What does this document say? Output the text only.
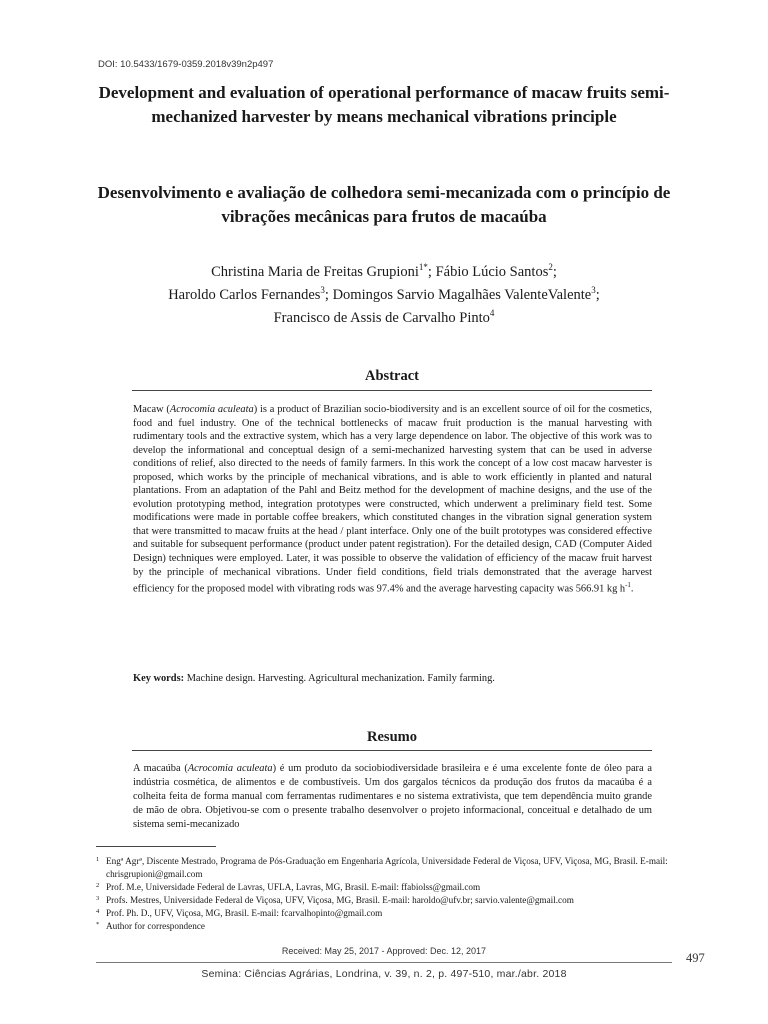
DOI: 10.5433/1679-0359.2018v39n2p497
Development and evaluation of operational performance of macaw fruits semi-mechanized harvester by means mechanical vibrations principle
Desenvolvimento e avaliação de colhedora semi-mecanizada com o princípio de vibrações mecânicas para frutos de macaúba
Christina Maria de Freitas Grupioni$^{1*}$; Fábio Lúcio Santos$^2$;
Haroldo Carlos Fernandes$^3$; Domingos Sarvio Magalhães ValenteValente$^3$;
Francisco de Assis de Carvalho Pinto$^4$
Abstract
Macaw (Acrocomia aculeata) is a product of Brazilian socio-biodiversity and is an excellent source of oil for the cosmetics, food and fuel industry. One of the technical bottlenecks of macaw fruit production is the manual harvesting with rudimentary tools and the extractive system, which has a very large dependence on labor. The objective of this work was to develop the informational and conceptual design of a semi-mechanized harvesting system that can be used in adverse conditions of relief, also directed to the needs of family farmers. In this work the concept of a low cost macaw harvester is proposed, which works by the principle of mechanical vibrations, and is able to work efficiently in planted and natural plantations. From an adaptation of the Pahl and Beitz method for the development of machine designs, and the use of the evolution prototyping method, integration prototypes were constructed, which underwent a preliminary field test. Some modifications were made in portable coffee breakers, which constituted changes in the vibration signal generation system that were transmitted to macaw fruits at the head / plant interface. Only one of the built prototypes was considered effective and suitable for subsequent performance (product under patent registration). For the detailed design, CAD (Computer Aided Design) techniques were employed. Later, it was possible to observe the validation of efficiency of the macaw fruit harvest by the principle of mechanical vibrations. Under field conditions, field trials demonstrated that the average harvest efficiency for the proposed model with vibrating rods was 97.4% and the average harvesting capacity was 566.91 kg $h^{-1}$.
Key words: Machine design. Harvesting. Agricultural mechanization. Family farming.
Resumo
A macaúba (Acrocomia aculeata) é um produto da sociobiodiversidade brasileira e é uma excelente fonte de óleo para a indústria cosmética, de alimentos e de combustíveis. Um dos gargalos técnicos da produção dos frutos da macaúba é a colheita feita de forma manual com ferramentas rudimentares e no sistema extrativista, que tem dependência muito grande de mão de obra. Objetivou-se com o presente trabalho desenvolver o projeto informacional, conceitual e detalhado de um sistema semi-mecanizado
1 Engª Agrª, Discente Mestrado, Programa de Pós-Graduação em Engenharia Agrícola, Universidade Federal de Viçosa, UFV, Viçosa, MG, Brasil. E-mail: chrisgrupioni@gmail.com
2 Prof. M.e, Universidade Federal de Lavras, UFLA, Lavras, MG, Brasil. E-mail: ffabiolss@gmail.com
3 Profs. Mestres, Universidade Federal de Viçosa, UFV, Viçosa, MG, Brasil. E-mail: haroldo@ufv.br; sarvio.valente@gmail.com
4 Prof. Ph. D., UFV, Viçosa, MG, Brasil. E-mail: fcarvalhopinto@gmail.com
* Author for correspondence
Received: May 25, 2017 - Approved: Dec. 12, 2017	497
Semina: Ciências Agrárias, Londrina, v. 39, n. 2, p. 497-510, mar./abr. 2018
